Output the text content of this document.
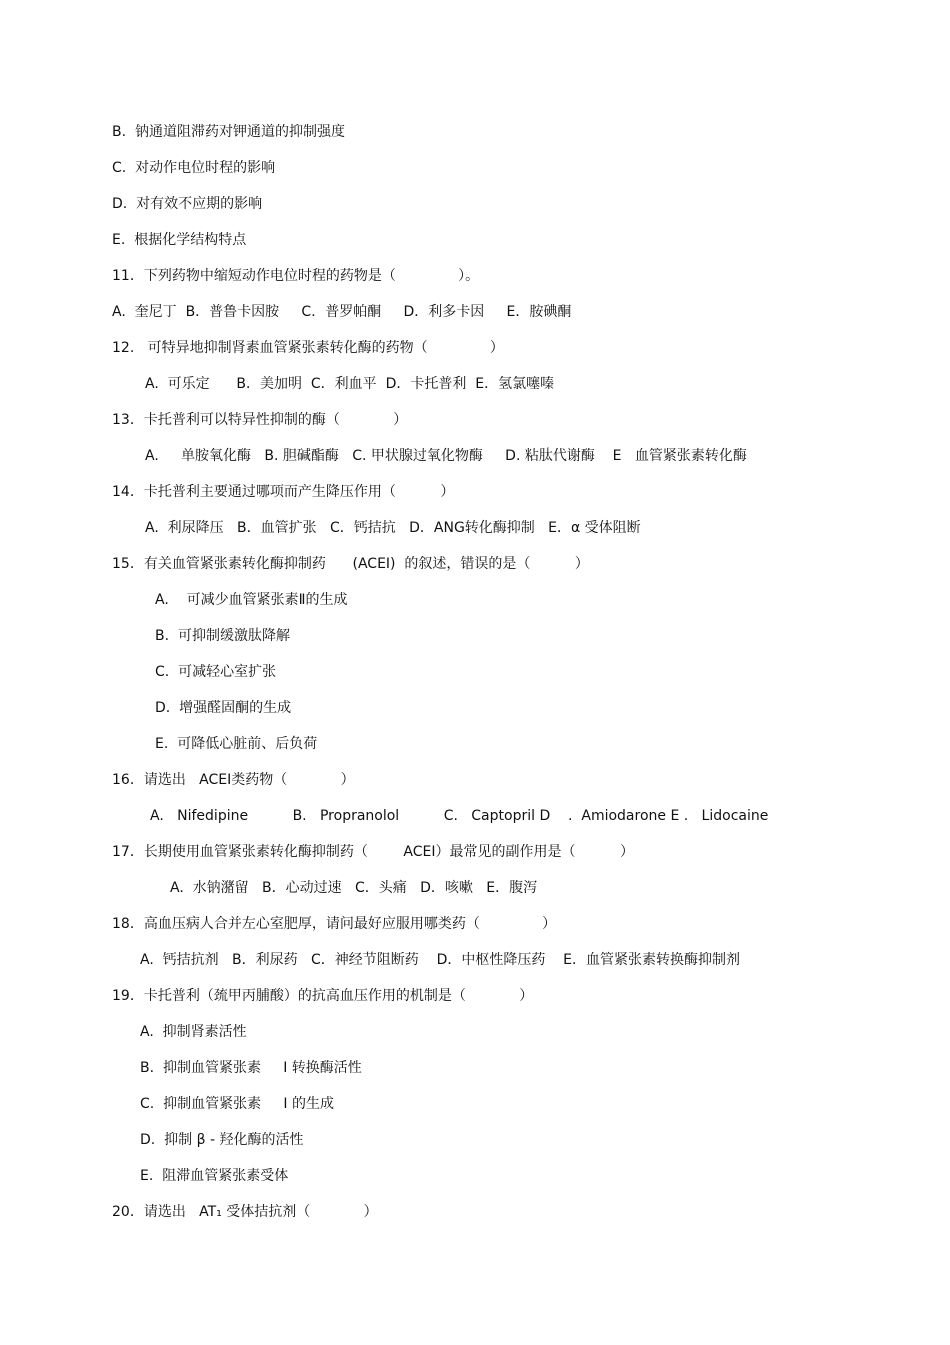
B.  钠通道阻滞药对钾通道的抑制强度
C.  对动作电位时程的影响
D.  对有效不应期的影响
E.  根据化学结构特点
11．下列药物中缩短动作电位时程的药物是（              ）。
A.  奎尼丁  B．普鲁卡因胺     C．普罗帕酮     D．利多卡因     E．胺碘酮
12.   可特异地抑制肾素血管紧张素转化酶的药物（              ）
A.  可乐定      B．美加明  C．利血平  D．卡托普利  E．氢氯噻嗪
13．卡托普利可以特异性抑制的酶（            ）
A.     单胺氧化酶   B. 胆碱酯酶   C. 甲状腺过氧化物酶     D. 粘肽代谢酶    E   血管紧张素转化酶
14．卡托普利主要通过哪项而产生降压作用（          ）
A.  利尿降压   B．血管扩张   C．钙拮抗   D．ANG转化酶抑制   E．α 受体阻断
15．有关血管紧张素转化酶抑制药      (ACEI)  的叙述，错误的是（          ）
A.    可减少血管紧张素Ⅱ的生成
B.  可抑制缓激肽降解
C.  可减轻心室扩张
D.  增强醛固酮的生成
E.  可降低心脏前、后负荷
16．请选出   ACEI类药物（            ）
A.   Nifedipine          B.   Propranolol          C.   Captopril D    .  Amiodarone E .   Lidocaine
17．长期使用血管紧张素转化酶抑制药（        ACEI）最常见的副作用是（          ）
A.  水钠潴留   B．心动过速   C．头痛   D．咳嗽   E．腹泻
18．高血压病人合并左心室肥厚，请问最好应服用哪类药（              ）
A.  钙拮抗剂   B．利尿药   C．神经节阻断药    D．中枢性降压药    E．血管紧张素转换酶抑制剂
19．卡托普利（巯甲丙脯酸）的抗高血压作用的机制是（            ）
A.  抑制肾素活性
B.  抑制血管紧张素     Ⅰ 转换酶活性
C.  抑制血管紧张素     Ⅰ 的生成
D.  抑制 β - 羟化酶的活性
E.  阻滞血管紧张素受体
20．请选出   AT₁ 受体拮抗剂（            ）
